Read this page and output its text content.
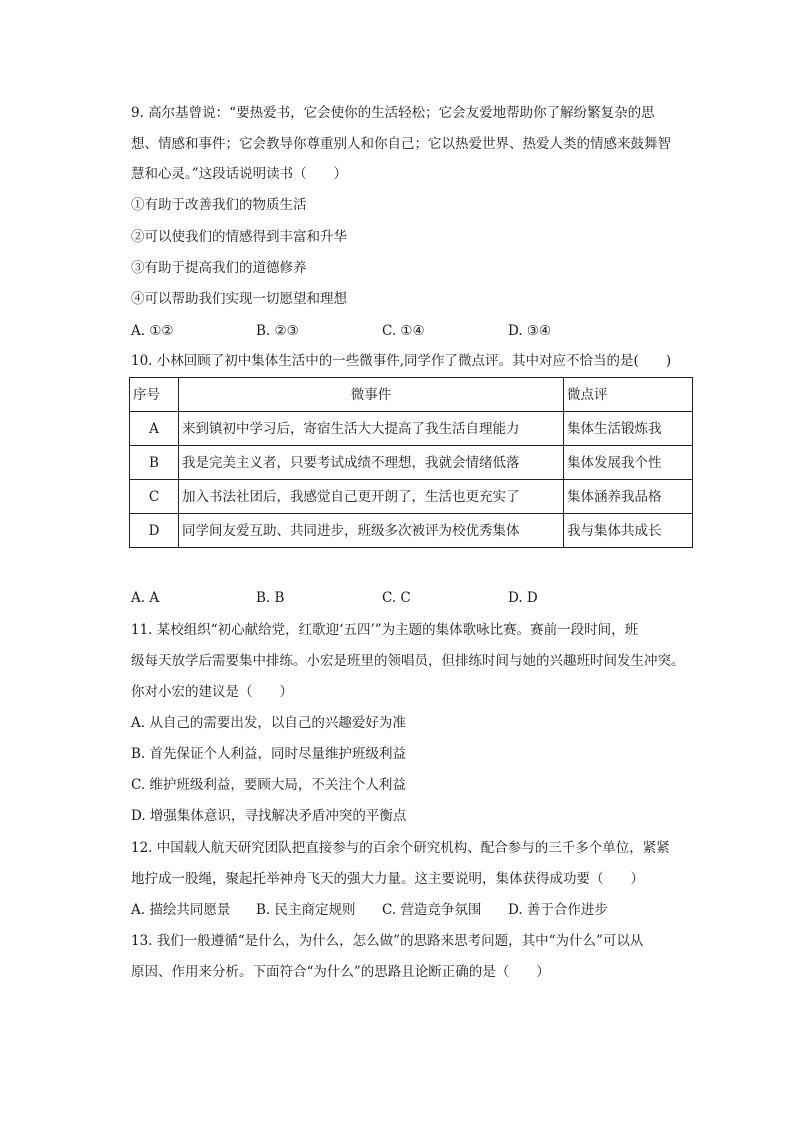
9. 高尔基曾说：“要热爱书，它会使你的生活轻松；它会友爱地帮助你了解纷繁复杂的思
想、情感和事件；它会教导你尊重别人和你自己；它以热爱世界、热爱人类的情感来鼓舞智
慧和心灵。”这段话说明读书（　　）
①有助于改善我们的物质生活
②可以使我们的情感得到丰富和升华
③有助于提高我们的道德修养
④可以帮助我们实现一切愿望和理想
A. ①②	B. ②③	C. ①④	D. ③④
10. 小林回顾了初中集体生活中的一些微事件,同学作了微点评。其中对应不恰当的是(　　)
序号	微事件	微点评
A	来到镇初中学习后，寄宿生活大大提高了我生活自理能力	集体生活锻炼我
B	我是完美主义者，只要考试成绩不理想，我就会情绪低落	集体发展我个性
C	加入书法社团后，我感觉自己更开朗了，生活也更充实了	集体涵养我品格
D	同学间友爱互助、共同进步，班级多次被评为校优秀集体	我与集体共成长
A. A	B. B	C. C	D. D
11. 某校组织“初心献给党，红歌迎‘五四’”为主题的集体歌咏比赛。赛前一段时间，班
级每天放学后需要集中排练。小宏是班里的领唱员，但排练时间与她的兴趣班时间发生冲突。
你对小宏的建议是（　　）
A. 从自己的需要出发，以自己的兴趣爱好为准
B. 首先保证个人利益，同时尽量维护班级利益
C. 维护班级利益，要顾大局，不关注个人利益
D. 增强集体意识，寻找解决矛盾冲突的平衡点
12. 中国载人航天研究团队把直接参与的百余个研究机构、配合参与的三千多个单位，紧紧
地拧成一股绳，聚起托举神舟飞天的强大力量。这主要说明，集体获得成功要（　　）
A. 描绘共同愿景 B. 民主商定规则 C. 营造竞争氛围 D. 善于合作进步
13. 我们一般遵循“是什么，为什么，怎么做”的思路来思考问题，其中“为什么”可以从
原因、作用来分析。下面符合“为什么”的思路且论断正确的是（　　）
